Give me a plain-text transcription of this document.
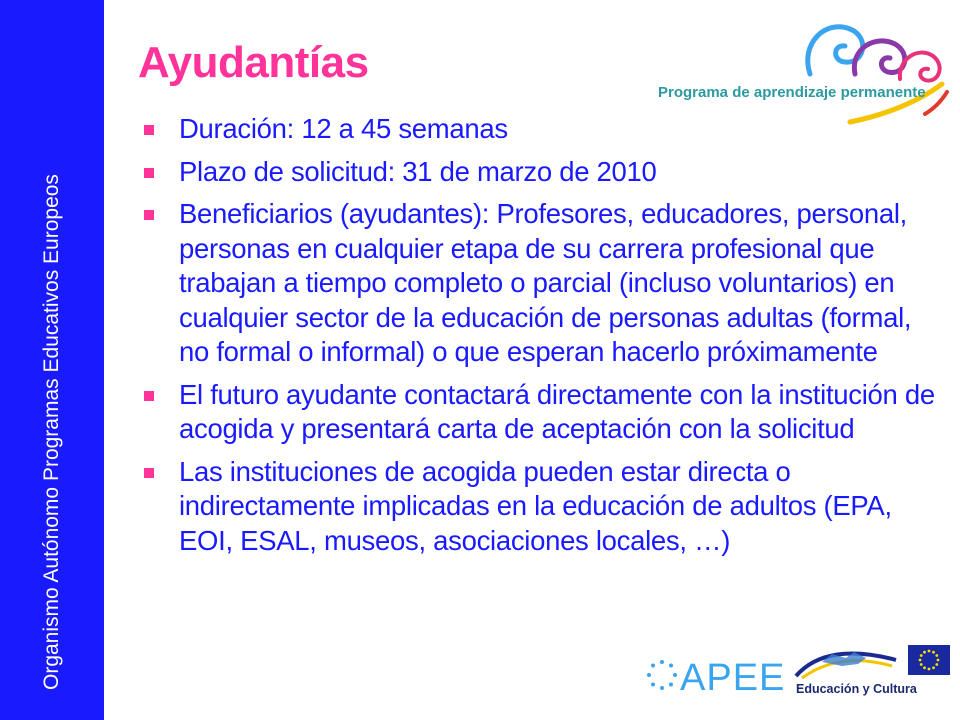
Organismo Autónomo Programas Educativos Europeos
Ayudantías
Programa de aprendizaje permanente
Duración: 12 a 45 semanas
Plazo de solicitud: 31 de marzo de 2010
Beneficiarios (ayudantes): Profesores, educadores, personal, personas en cualquier etapa de su carrera profesional que trabajan a tiempo completo o parcial (incluso voluntarios) en cualquier sector de la educación de personas adultas (formal, no formal o informal) o que esperan hacerlo próximamente
El futuro ayudante contactará directamente con la institución de acogida y presentará carta de aceptación con la solicitud
Las instituciones de acogida pueden estar directa o indirectamente implicadas en la educación de adultos (EPA, EOI, ESAL, museos, asociaciones locales, …)
APEE Educación y Cultura
